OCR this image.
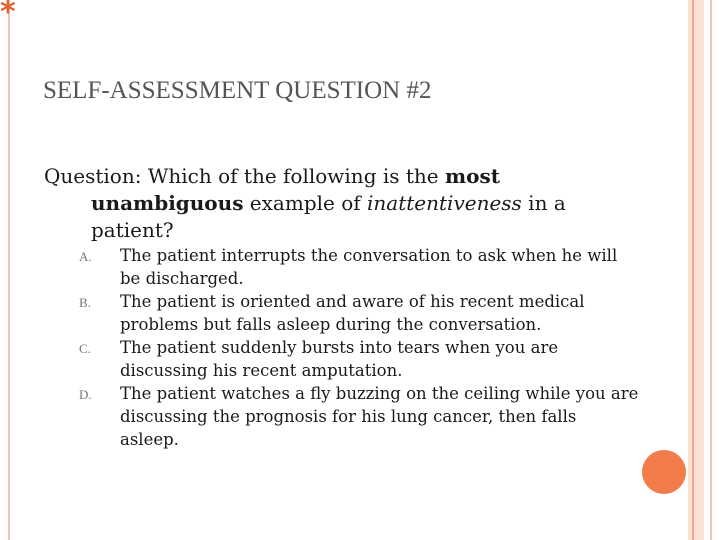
*
SELF-ASSESSMENT QUESTION #2
Question: Which of the following is the most
unambiguous example of inattentiveness in a
patient?
A. The patient interrupts the conversation to ask when he will be discharged.
B. The patient is oriented and aware of his recent medical problems but falls asleep during the conversation.
C. The patient suddenly bursts into tears when you are discussing his recent amputation.
D. The patient watches a fly buzzing on the ceiling while you are discussing the prognosis for his lung cancer, then falls asleep.
